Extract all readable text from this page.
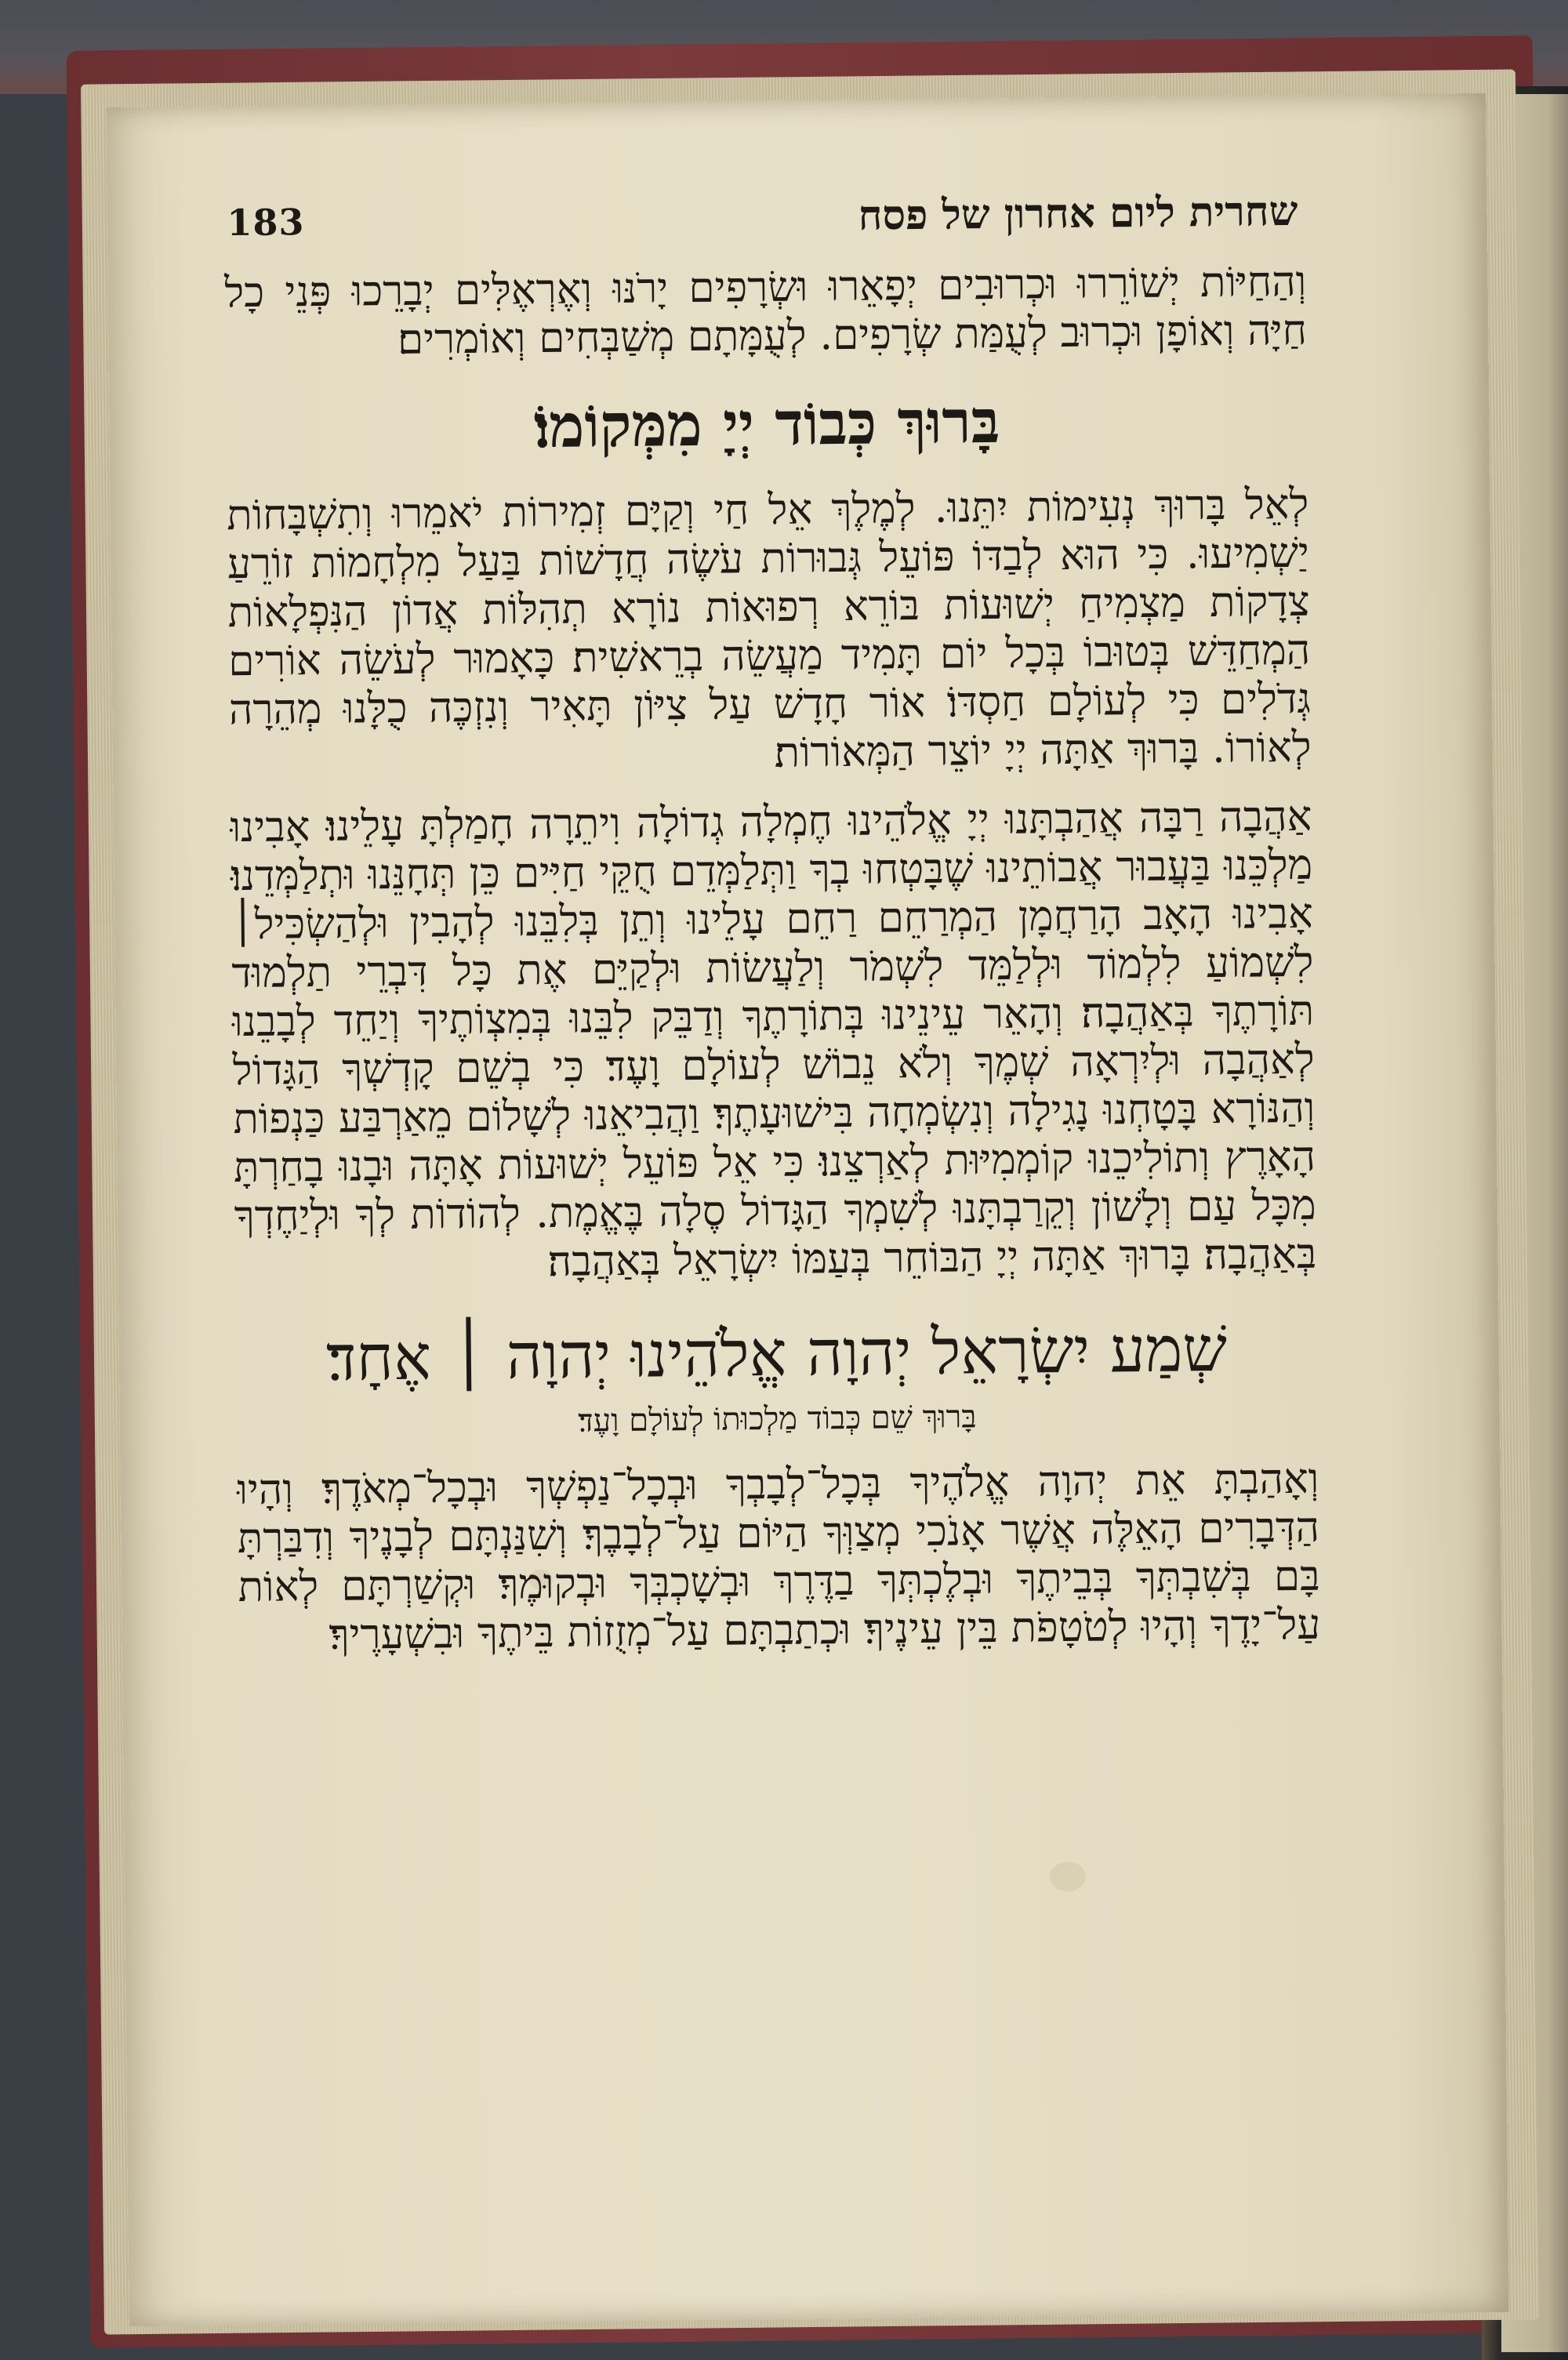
183	שחרית ליום אחרון של פסח

וְהַחַיּוֹת יְשׁוֹרֵרוּ וּכְרוּבִים יְפָאֵרוּ וּשְׂרָפִים יָרֹנּוּ וְאֶרְאֶלִּים יְבָרֵכוּ פְּנֵי כָל חַיָּה וְאוֹפָן וּכְרוּב לְעֻמַּת שְׂרָפִים. לְעֻמָּתָם מְשַׁבְּחִים וְאוֹמְרִים׃

בָּרוּךְ כְּבוֹד יְיָ מִמְּקוֹמוֹ׃

לְאֵל בָּרוּךְ נְעִימוֹת יִתֵּנוּ. לְמֶלֶךְ אֵל חַי וְקַיָּם זְמִירוֹת יֹאמֵרוּ וְתִשְׁבָּחוֹת יַשְׁמִיעוּ. כִּי הוּא לְבַדּוֹ פּוֹעֵל גְּבוּרוֹת עֹשֶׂה חֲדָשׁוֹת בַּעַל מִלְחָמוֹת זוֹרֵעַ צְדָקוֹת מַצְמִיחַ יְשׁוּעוֹת בּוֹרֵא רְפוּאוֹת נוֹרָא תְהִלּוֹת אֲדוֹן הַנִּפְלָאוֹת הַמְחַדֵּשׁ בְּטוּבוֹ בְּכָל יוֹם תָּמִיד מַעֲשֵׂה בְרֵאשִׁית׃ כָּאָמוּר לְעֹשֵׂה אוֹרִים גְּדֹלִים כִּי לְעוֹלָם חַסְדּוֹ׃ אוֹר חָדָשׁ עַל צִיּוֹן תָּאִיר וְנִזְכֶּה כֻלָּנוּ מְהֵרָה לְאוֹרוֹ. בָּרוּךְ אַתָּה יְיָ יוֹצֵר הַמְּאוֹרוֹת׃

אַהֲבָה רַבָּה אֲהַבְתָּנוּ יְיָ אֱלֹהֵינוּ חֶמְלָה גְדוֹלָה וִיתֵרָה חָמַלְתָּ עָלֵינוּ׃ אָבִינוּ מַלְכֵּנוּ בַּעֲבוּר אֲבוֹתֵינוּ שֶׁבָּטְחוּ בְךָ וַתְּלַמְּדֵם חֻקֵּי חַיִּים כֵּן תְּחָנֵּנוּ וּתְלַמְּדֵנוּ׃ אָבִינוּ הָאָב הָרַחֲמָן הַמְרַחֵם רַחֵם עָלֵינוּ וְתֵן בְּלִבֵּנוּ לְהָבִין וּלְהַשְׂכִּיל׀ לִשְׁמוֹעַ לִלְמוֹד וּלְלַמֵּד לִשְׁמֹר וְלַעֲשׂוֹת וּלְקַיֵּם אֶת כָּל דִּבְרֵי תַלְמוּד תּוֹרָתֶךָ בְּאַהֲבָה׃ וְהָאֵר עֵינֵינוּ בְּתוֹרָתֶךָ וְדַבֵּק לִבֵּנוּ בְּמִצְוֹתֶיךָ וְיַחֵד לְבָבֵנוּ לְאַהֲבָה וּלְיִרְאָה שְׁמֶךָ וְלֹא נֵבוֹשׁ לְעוֹלָם וָעֶד׃ כִּי בְשֵׁם קָדְשְׁךָ הַגָּדוֹל וְהַנּוֹרָא בָּטָחְנוּ נָגִילָה וְנִשְׂמְחָה בִּישׁוּעָתֶךָ׃ וַהֲבִיאֵנוּ לְשָׁלוֹם מֵאַרְבַּע כַּנְפוֹת הָאָרֶץ וְתוֹלִיכֵנוּ קוֹמְמִיּוּת לְאַרְצֵנוּ׃ כִּי אֵל פּוֹעֵל יְשׁוּעוֹת אָתָּה וּבָנוּ בָחַרְתָּ מִכָּל עַם וְלָשׁוֹן וְקֵרַבְתָּנוּ לְשִׁמְךָ הַגָּדוֹל סֶלָה בֶּאֱמֶת. לְהוֹדוֹת לְךָ וּלְיַחֶדְךָ בְּאַהֲבָה׃ בָּרוּךְ אַתָּה יְיָ הַבּוֹחֵר בְּעַמּוֹ יִשְׂרָאֵל בְּאַהֲבָה׃

שְׁמַע יִשְׂרָאֵל יְהוָה אֱלֹהֵינוּ יְהוָה ׀ אֶחָד׃
בָּרוּךְ שֵׁם כְּבוֹד מַלְכוּתוֹ לְעוֹלָם וָעֶד׃

וְאָהַבְתָּ אֵת יְהוָה אֱלֹהֶיךָ בְּכָל־לְבָבְךָ וּבְכָל־נַפְשְׁךָ וּבְכָל־מְאֹדֶךָ׃ וְהָיוּ הַדְּבָרִים הָאֵלֶּה אֲשֶׁר אָנֹכִי מְצַוְּךָ הַיּוֹם עַל־לְבָבֶךָ׃ וְשִׁנַּנְתָּם לְבָנֶיךָ וְדִבַּרְתָּ בָּם בְּשִׁבְתְּךָ בְּבֵיתֶךָ וּבְלֶכְתְּךָ בַדֶּרֶךְ וּבְשָׁכְבְּךָ וּבְקוּמֶךָ׃ וּקְשַׁרְתָּם לְאוֹת עַל־יָדֶךָ וְהָיוּ לְטֹטָפֹת בֵּין עֵינֶיךָ׃ וּכְתַבְתָּם עַל־מְזֻזוֹת בֵּיתֶךָ וּבִשְׁעָרֶיךָ׃
